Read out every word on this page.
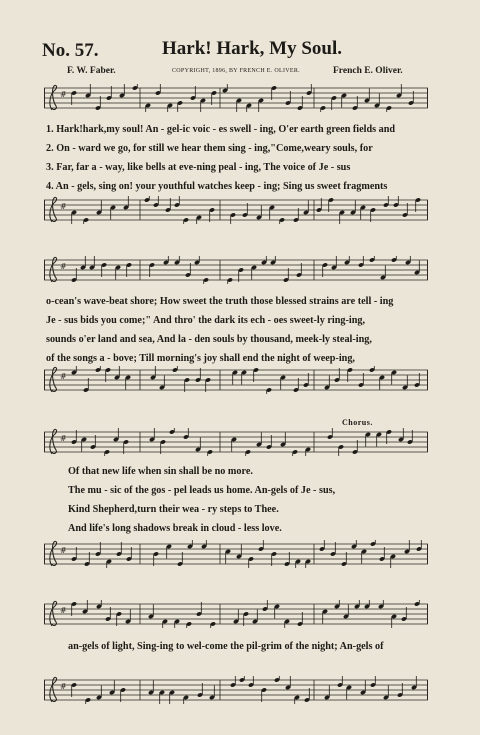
No. 57.	Hark! Hark, My Soul.
F. W. Faber.	COPYRIGHT, 1896, BY FRENCH E. OLIVER.	French E. Oliver.
#
1. Hark!hark,my soul! An - gel-ic voic - es swell - ing, O'er earth green fields and
2. On - ward we go, for still we hear them sing - ing,"Come,weary souls, for
3. Far, far a - way, like bells at eve-ning peal - ing, The voice of Je - sus
4. An - gels, sing on! your youthful watches keep - ing; Sing us sweet fragments
#
#
o-cean's wave-beat shore; How sweet the truth those blessed strains are tell - ing
Je - sus bids you come;" And thro' the dark its ech - oes sweet-ly ring-ing,
sounds o'er land and sea, And la - den souls by thousand, meek-ly steal-ing,
of the songs a - bove; Till morning's joy shall end the night of weep-ing,
#
Chorus.
#
Of that new life when sin shall be no more.
The mu - sic of the gos - pel leads us home. An-gels of Je - sus,
Kind Shepherd,turn their wea - ry steps to Thee.
And life's long shadows break in cloud - less love.
#
#
an-gels of light, Sing-ing to wel-come the pil-grim of the night; An-gels of
#
